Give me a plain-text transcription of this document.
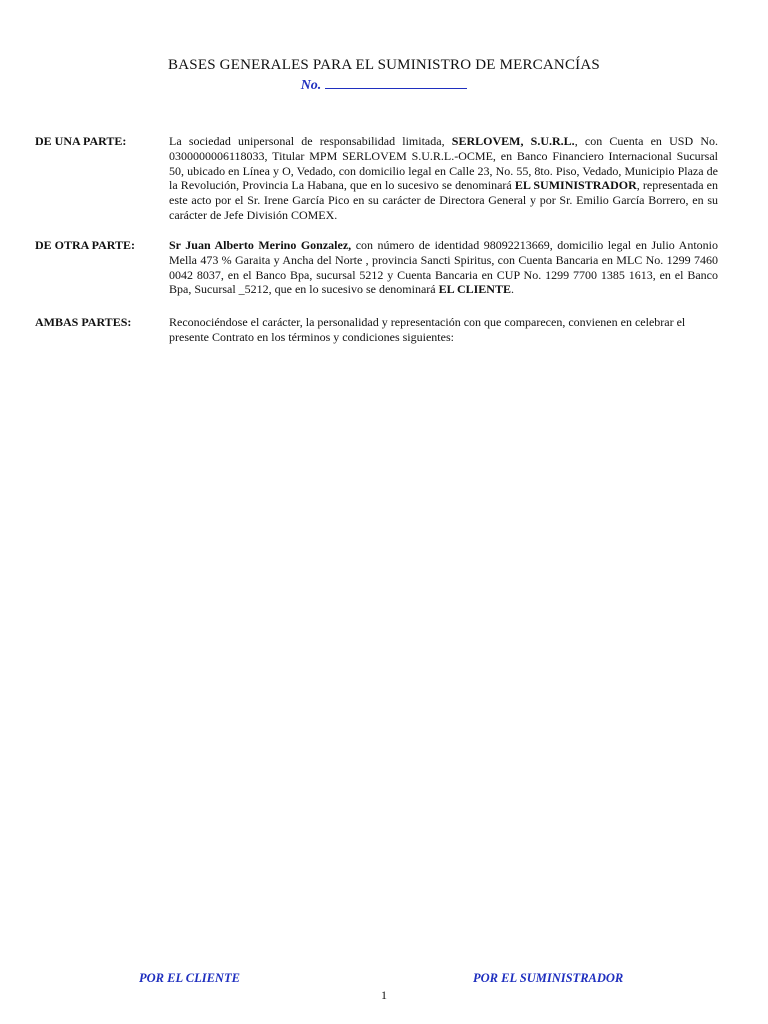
BASES GENERALES PARA EL SUMINISTRO DE MERCANCÍAS
No.
DE UNA PARTE:	La sociedad unipersonal de responsabilidad limitada, SERLOVEM, S.U.R.L., con Cuenta en USD No. 0300000006118033, Titular MPM SERLOVEM S.U.R.L.-OCME, en Banco Financiero Internacional Sucursal 50, ubicado en Línea y O, Vedado, con domicilio legal en Calle 23, No. 55, 8to. Piso, Vedado, Municipio Plaza de la Revolución, Provincia La Habana, que en lo sucesivo se denominará EL SUMINISTRADOR, representada en este acto por el Sr. Irene García Pico en su carácter de Directora General y por Sr. Emilio García Borrero, en su carácter de Jefe División COMEX.
DE OTRA PARTE:	Sr Juan Alberto Merino Gonzalez, con número de identidad 98092213669, domicilio legal en Julio Antonio Mella 473 % Garaita y Ancha del Norte , provincia Sancti Spiritus, con Cuenta Bancaria en MLC No. 1299 7460 0042 8037, en el Banco Bpa, sucursal 5212 y Cuenta Bancaria en CUP No. 1299 7700 1385 1613, en el Banco Bpa, Sucursal _5212, que en lo sucesivo se denominará EL CLIENTE.
AMBAS PARTES:	Reconociéndose el carácter, la personalidad y representación con que comparecen, convienen en celebrar el presente Contrato en los términos y condiciones siguientes:
POR EL CLIENTE	POR EL SUMINISTRADOR
1
